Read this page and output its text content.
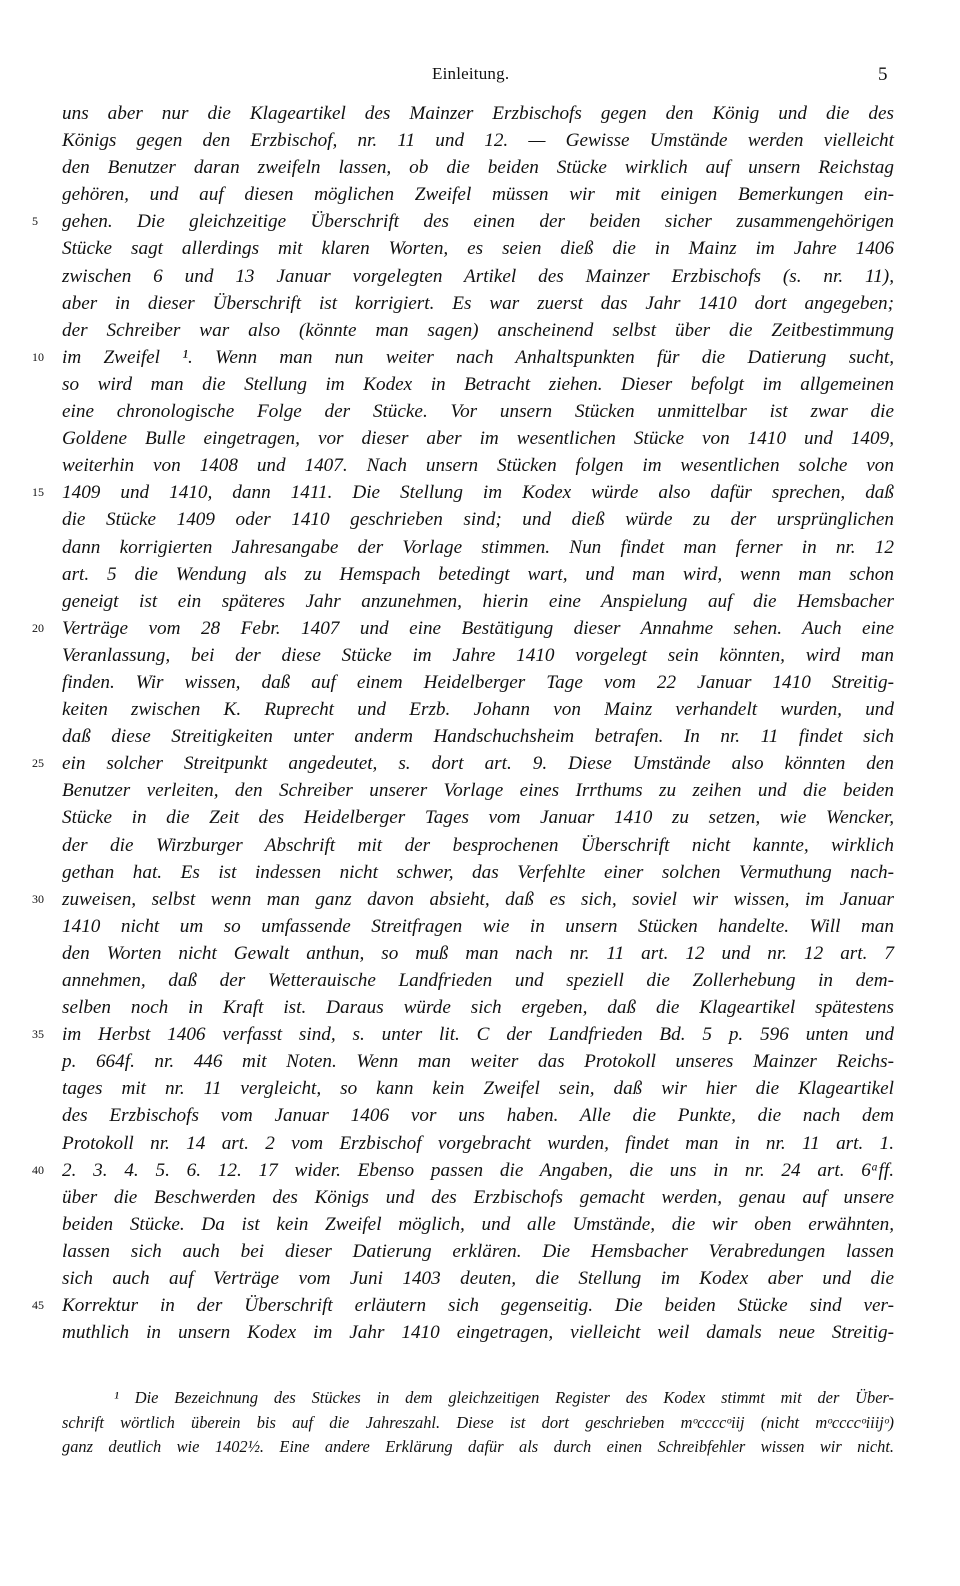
Einleitung.	5
uns aber nur die Klageartikel des Mainzer Erzbischofs gegen den König und die des
Königs gegen den Erzbischof, nr. 11 und 12. — Gewisse Umstände werden vielleicht
den Benutzer daran zweifeln lassen, ob die beiden Stücke wirklich auf unsern Reichstag
gehören, und auf diesen möglichen Zweifel müssen wir mit einigen Bemerkungen ein-
5	gehen. Die gleichzeitige Überschrift des einen der beiden sicher zusammengehörigen
Stücke sagt allerdings mit klaren Worten, es seien dieß die in Mainz im Jahre 1406
zwischen 6 und 13 Januar vorgelegten Artikel des Mainzer Erzbischofs (s. nr. 11),
aber in dieser Überschrift ist korrigiert. Es war zuerst das Jahr 1410 dort angegeben;
der Schreiber war also (könnte man sagen) anscheinend selbst über die Zeitbestimmung
10 im Zweifel ¹. Wenn man nun weiter nach Anhaltspunkten für die Datierung sucht,
so wird man die Stellung im Kodex in Betracht ziehen. Dieser befolgt im allgemeinen
eine chronologische Folge der Stücke. Vor unsern Stücken unmittelbar ist zwar die
Goldene Bulle eingetragen, vor dieser aber im wesentlichen Stücke von 1410 und 1409,
weiterhin von 1408 und 1407. Nach unsern Stücken folgen im wesentlichen solche von
15 1409 und 1410, dann 1411. Die Stellung im Kodex würde also dafür sprechen, daß
die Stücke 1409 oder 1410 geschrieben sind; und dieß würde zu der ursprünglichen
dann korrigierten Jahresangabe der Vorlage stimmen. Nun findet man ferner in nr. 12
art. 5 die Wendung als zu Hemspach betedingt wart, und man wird, wenn man schon
geneigt ist ein späteres Jahr anzunehmen, hierin eine Anspielung auf die Hemsbacher
20 Verträge vom 28 Febr. 1407 und eine Bestätigung dieser Annahme sehen. Auch eine
Veranlassung, bei der diese Stücke im Jahre 1410 vorgelegt sein könnten, wird man
finden. Wir wissen, daß auf einem Heidelberger Tage vom 22 Januar 1410 Streitig-
keiten zwischen K. Ruprecht und Erzb. Johann von Mainz verhandelt wurden, und
daß diese Streitigkeiten unter anderm Handschuchsheim betrafen. In nr. 11 findet sich
25 ein solcher Streitpunkt angedeutet, s. dort art. 9. Diese Umstände also könnten den
Benutzer verleiten, den Schreiber unserer Vorlage eines Irrthums zu zeihen und die beiden
Stücke in die Zeit des Heidelberger Tages vom Januar 1410 zu setzen, wie Wencker,
der die Wirzburger Abschrift mit der besprochenen Überschrift nicht kannte, wirklich
gethan hat. Es ist indessen nicht schwer, das Verfehlte einer solchen Vermuthung nach-
30 zuweisen, selbst wenn man ganz davon absieht, daß es sich, soviel wir wissen, im Januar
1410 nicht um so umfassende Streitfragen wie in unsern Stücken handelte. Will man
den Worten nicht Gewalt anthun, so muß man nach nr. 11 art. 12 und nr. 12 art. 7
annehmen, daß der Wetterauische Landfrieden und speziell die Zollerhebung in dem-
selben noch in Kraft ist. Daraus würde sich ergeben, daß die Klageartikel spätestens
35 im Herbst 1406 verfasst sind, s. unter lit. C der Landfrieden Bd. 5 p. 596 unten und
p. 664f. nr. 446 mit Noten. Wenn man weiter das Protokoll unseres Mainzer Reichs-
tages mit nr. 11 vergleicht, so kann kein Zweifel sein, daß wir hier die Klageartikel
des Erzbischofs vom Januar 1406 vor uns haben. Alle die Punkte, die nach dem
Protokoll nr. 14 art. 2 vom Erzbischof vorgebracht wurden, findet man in nr. 11 art. 1.
40 2. 3. 4. 5. 6. 12. 17 wider. Ebenso passen die Angaben, die uns in nr. 24 art. 6ᵃff.
über die Beschwerden des Königs und des Erzbischofs gemacht werden, genau auf unsere
beiden Stücke. Da ist kein Zweifel möglich, und alle Umstände, die wir oben erwähnten,
lassen sich auch bei dieser Datierung erklären. Die Hemsbacher Verabredungen lassen
sich auch auf Verträge vom Juni 1403 deuten, die Stellung im Kodex aber und die
45 Korrektur in der Überschrift erläutern sich gegenseitig. Die beiden Stücke sind ver-
muthlich in unsern Kodex im Jahr 1410 eingetragen, vielleicht weil damals neue Streitig-
¹ Die Bezeichnung des Stückes in dem gleichzeitigen Register des Kodex stimmt mit der Über-
schrift wörtlich überein bis auf die Jahreszahl. Diese ist dort geschrieben mᵒccccᵒiij (nicht mᵒccccᵒiiijᵒ)
ganz deutlich wie 1402½. Eine andere Erklärung dafür als durch einen Schreibfehler wissen wir nicht.
